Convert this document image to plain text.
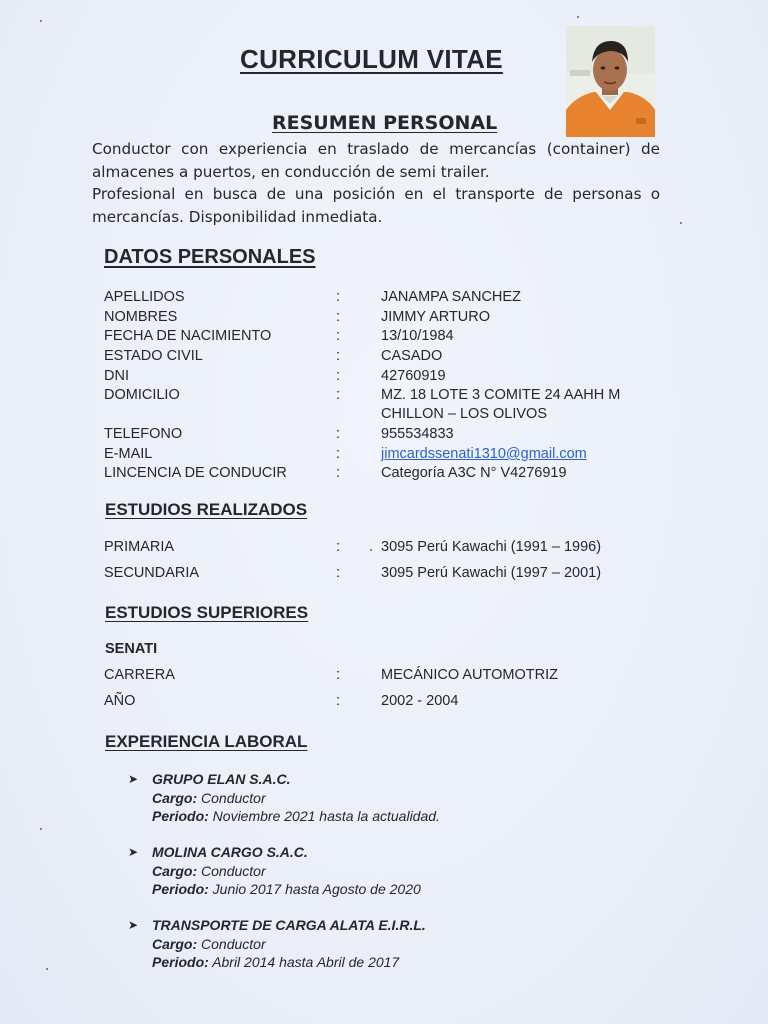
CURRICULUM VITAE
RESUMEN PERSONAL

Conductor con experiencia en traslado de mercancías (container) de almacenes a puertos, en conducción de semi trailer.

Profesional en busca de una posición en el transporte de personas o mercancías. Disponibilidad inmediata.

DATOS PERSONALES
APELLIDOS	:	JANAMPA SANCHEZ
NOMBRES	:	JIMMY ARTURO
FECHA DE NACIMIENTO	:	13/10/1984
ESTADO CIVIL	:	CASADO
DNI	:	42760919
DOMICILIO	:	MZ. 18 LOTE 3 COMITE 24 AAHH M
CHILLON – LOS OLIVOS
TELEFONO	:	955534833
E-MAIL	:	jimcardssenati1310@gmail.com
LINCENCIA DE CONDUCIR	:	Categoría A3C N° V4276919
ESTUDIOS REALIZADOS
PRIMARIA	:	3095 Perú Kawachi (1991 – 1996)
SECUNDARIA	:	3095 Perú Kawachi (1997 – 2001)
ESTUDIOS SUPERIORES
SENATI
CARRERA	:	MECÁNICO AUTOMOTRIZ
AÑO	:	2002 - 2004
EXPERIENCIA LABORAL
➤ GRUPO ELAN S.A.C.
Cargo: Conductor
Periodo: Noviembre 2021 hasta la actualidad.
➤ MOLINA CARGO S.A.C.
Cargo: Conductor
Periodo: Junio 2017 hasta Agosto de 2020
➤ TRANSPORTE DE CARGA ALATA E.I.R.L.
Cargo: Conductor
Periodo: Abril 2014 hasta Abril de 2017
